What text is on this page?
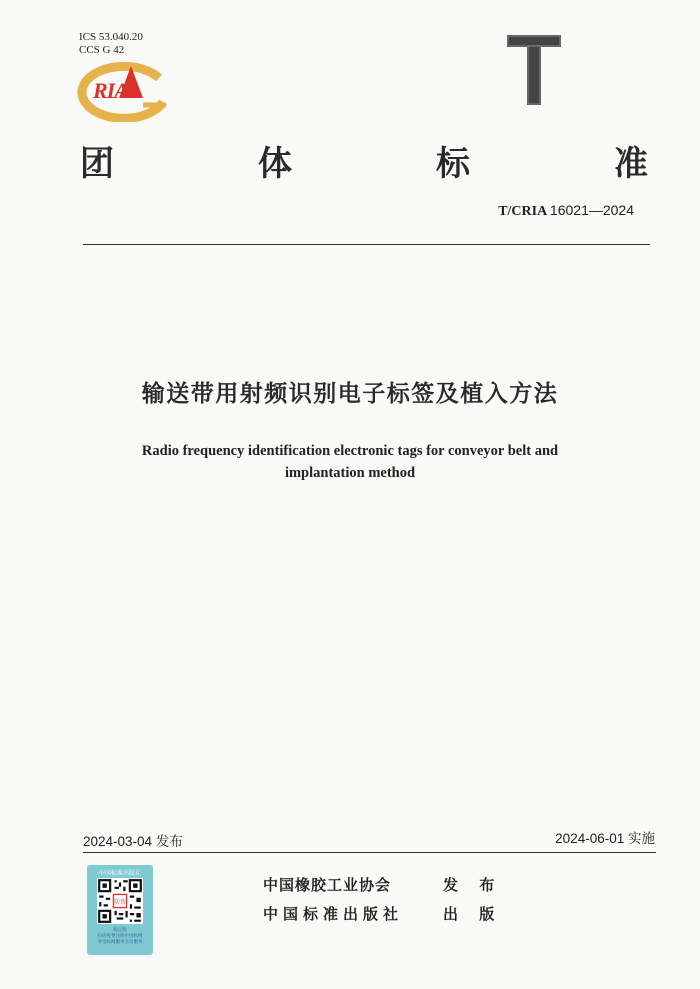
ICS 53.040.20
CCS G 42
RIA	T
团	体	标	准
T/CRIA 16021—2024
输送带用射频识别电子标签及植入方法
Radio frequency identification electronic tags for conveyor belt and
implantation method
2024-03-04 发布	2024-06-01 实施
中国标准出版社
防伪
购正版
扫码免费注册中国标网
享受标网服务会员服务
中国橡胶工业协会	发 布
中国标准出版社	出 版
